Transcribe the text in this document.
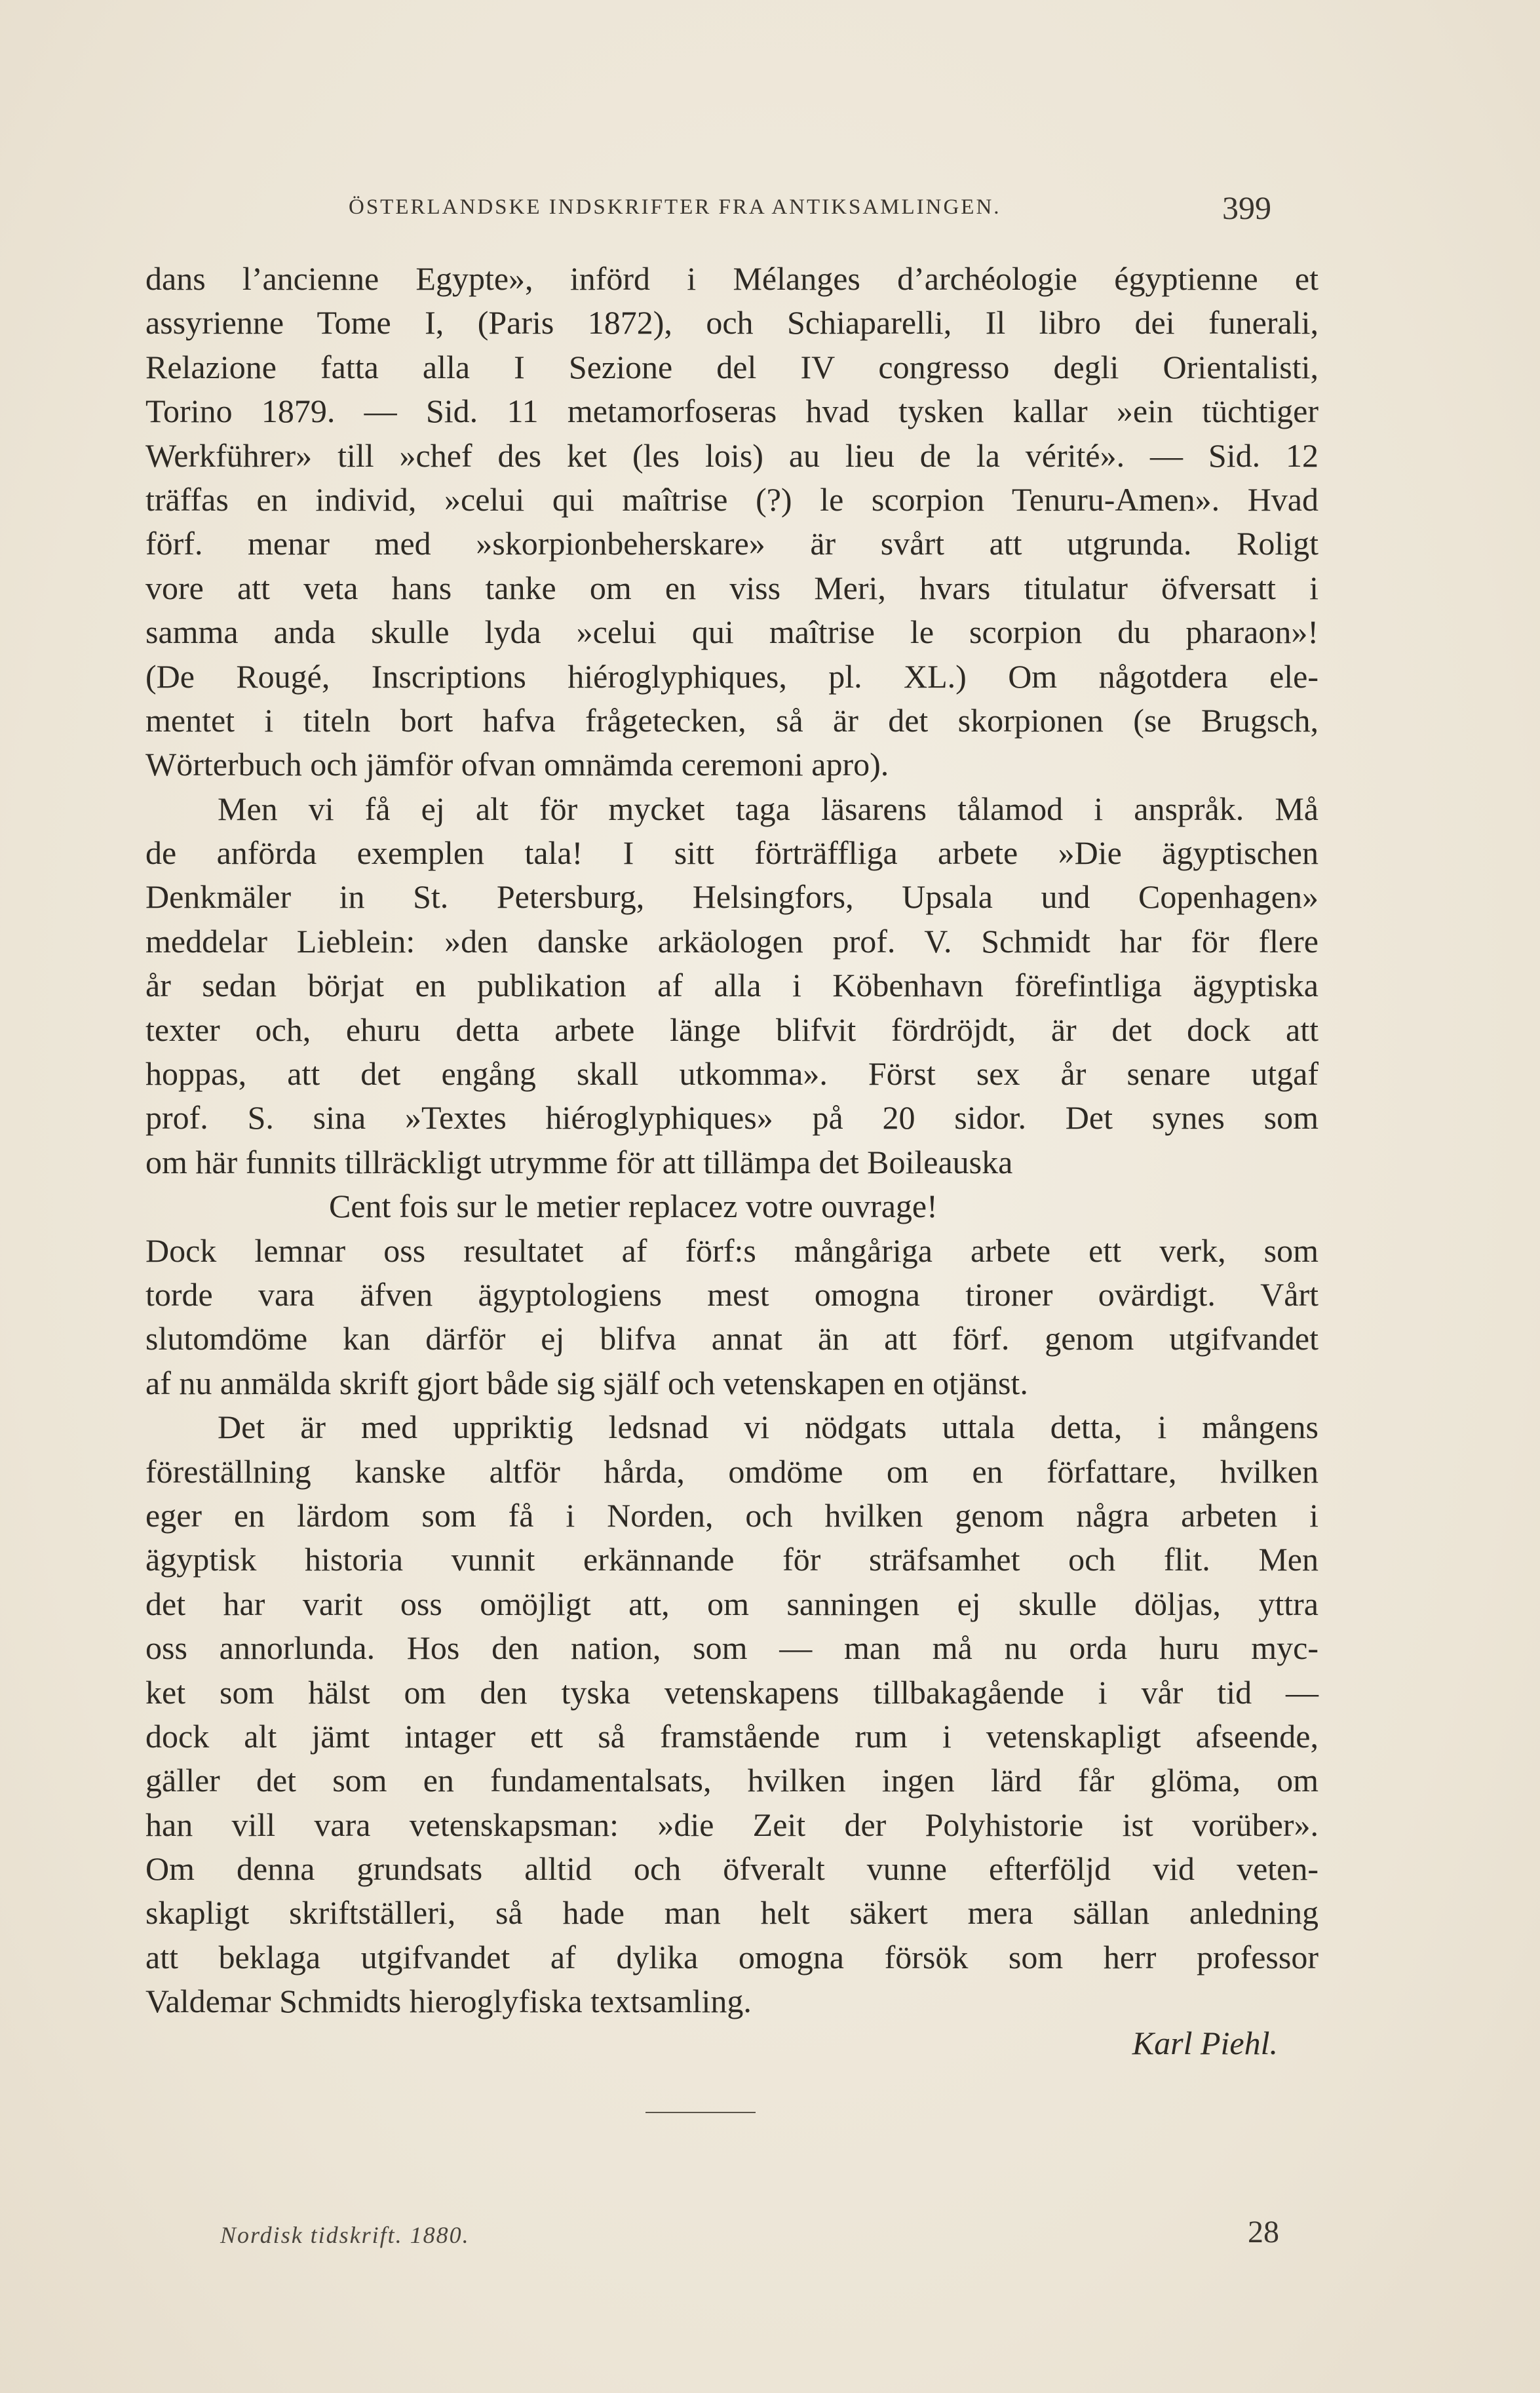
ÖSTERLANDSKE INDSKRIFTER FRA ANTIKSAMLINGEN.	399
dans l’ancienne Egypte», införd i Mélanges d’archéologie égyptienne et
assyrienne Tome I, (Paris 1872), och Schiaparelli, Il libro dei funerali,
Relazione fatta alla I Sezione del IV congresso degli Orientalisti,
Torino 1879. — Sid. 11 metamorfoseras hvad tysken kallar »ein tüchtiger
Werkführer» till »chef des ket (les lois) au lieu de la vérité». — Sid. 12
träffas en individ, »celui qui maîtrise (?) le scorpion Tenuru-Amen». Hvad
förf. menar med »skorpionbeherskare» är svårt att utgrunda. Roligt
vore att veta hans tanke om en viss Meri, hvars titulatur öfversatt i
samma anda skulle lyda »celui qui maîtrise le scorpion du pharaon»!
(De Rougé, Inscriptions hiéroglyphiques, pl. XL.) Om någotdera ele-
mentet i titeln bort hafva frågetecken, så är det skorpionen (se Brugsch,
Wörterbuch och jämför ofvan omnämda ceremoni apro).
Men vi få ej alt för mycket taga läsarens tålamod i anspråk. Må
de anförda exemplen tala! I sitt förträffliga arbete »Die ägyptischen
Denkmäler in St. Petersburg, Helsingfors, Upsala und Copenhagen»
meddelar Lieblein: »den danske arkäologen prof. V. Schmidt har för flere
år sedan börjat en publikation af alla i Köbenhavn förefintliga ägyptiska
texter och, ehuru detta arbete länge blifvit fördröjdt, är det dock att
hoppas, att det engång skall utkomma». Först sex år senare utgaf
prof. S. sina »Textes hiéroglyphiques» på 20 sidor. Det synes som
om här funnits tillräckligt utrymme för att tillämpa det Boileauska
Cent fois sur le metier replacez votre ouvrage!
Dock lemnar oss resultatet af förf:s mångåriga arbete ett verk, som
torde vara äfven ägyptologiens mest omogna tironer ovärdigt. Vårt
slutomdöme kan därför ej blifva annat än att förf. genom utgifvandet
af nu anmälda skrift gjort både sig själf och vetenskapen en otjänst.
Det är med uppriktig ledsnad vi nödgats uttala detta, i mångens
föreställning kanske altför hårda, omdöme om en författare, hvilken
eger en lärdom som få i Norden, och hvilken genom några arbeten i
ägyptisk historia vunnit erkännande för sträfsamhet och flit. Men
det har varit oss omöjligt att, om sanningen ej skulle döljas, yttra
oss annorlunda. Hos den nation, som — man må nu orda huru myc-
ket som hälst om den tyska vetenskapens tillbakagående i vår tid —
dock alt jämt intager ett så framstående rum i vetenskapligt afseende,
gäller det som en fundamentalsats, hvilken ingen lärd får glöma, om
han vill vara vetenskapsman: »die Zeit der Polyhistorie ist vorüber».
Om denna grundsats alltid och öfveralt vunne efterföljd vid veten-
skapligt skriftställeri, så hade man helt säkert mera sällan anledning
att beklaga utgifvandet af dylika omogna försök som herr professor
Valdemar Schmidts hieroglyfiska textsamling.
Karl Piehl.
Nordisk tidskrift. 1880.	28
